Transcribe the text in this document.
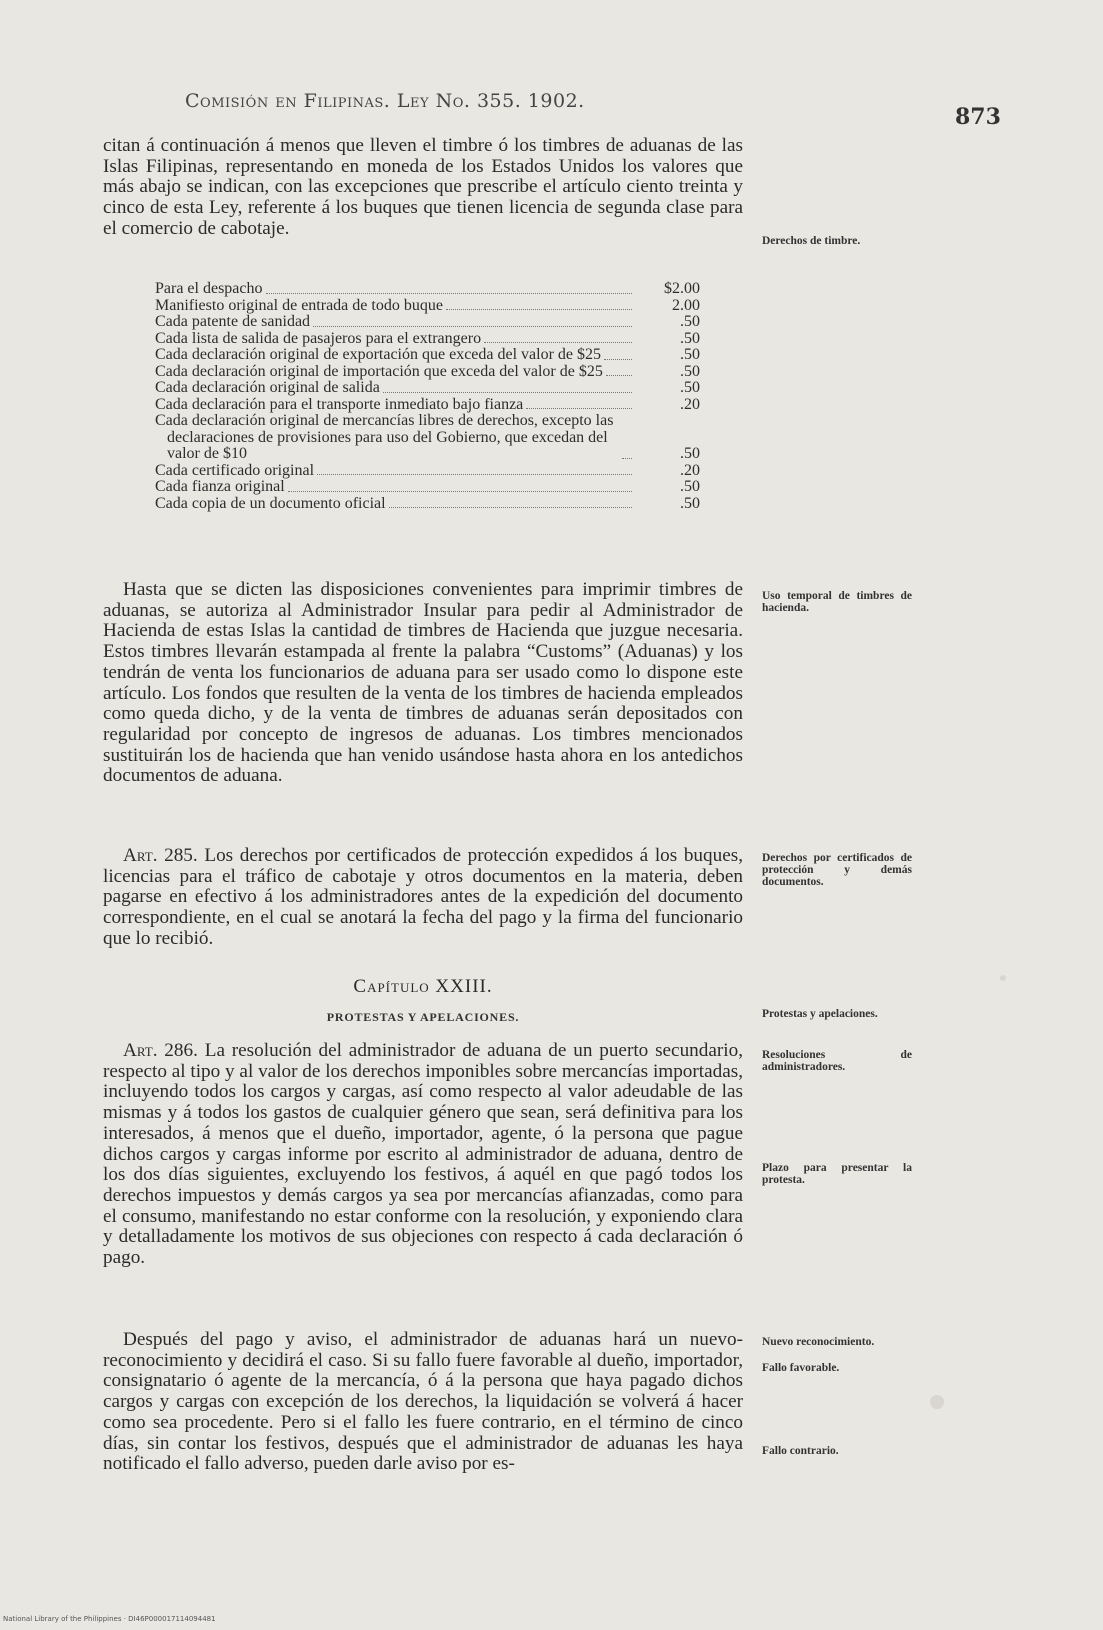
Comisión en Filipinas. Ley No. 355. 1902.
873

citan á continuación á menos que lleven el timbre ó los timbres de aduanas de las Islas Filipinas, representando en moneda de los Estados Unidos los valores que más abajo se indican, con las excepciones que prescribe el artículo ciento treinta y cinco de esta Ley, referente á los buques que tienen licencia de segunda clase para el comercio de cabotaje.

Derechos de timbre.
Para el despacho	$2.00
Manifiesto original de entrada de todo buque	2.00
Cada patente de sanidad	.50
Cada lista de salida de pasajeros para el extrangero	.50
Cada declaración original de exportación que exceda del valor de $25	.50
Cada declaración original de importación que exceda del valor de $25	.50
Cada declaración original de salida	.50
Cada declaración para el transporte inmediato bajo fianza	.20
Cada declaración original de mercancías libres de derechos, excepto las declaraciones de provisiones para uso del Gobierno, que excedan del valor de $10	.50
Cada certificado original	.20
Cada fianza original	.50
Cada copia de un documento oficial	.50

Hasta que se dicten las disposiciones convenientes para imprimir timbres de aduanas, se autoriza al Administrador Insular para pedir al Administrador de Hacienda de estas Islas la cantidad de timbres de Hacienda que juzgue necesaria. Estos timbres llevarán estampada al frente la palabra “Customs” (Aduanas) y los tendrán de venta los funcionarios de aduana para ser usado como lo dispone este artículo. Los fondos que resulten de la venta de los timbres de hacienda empleados como queda dicho, y de la venta de timbres de aduanas serán depositados con regularidad por concepto de ingresos de aduanas. Los timbres mencionados sustituirán los de hacienda que han venido usándose hasta ahora en los antedichos documentos de aduana.

Uso temporal de timbres de hacienda.

Art. 285. Los derechos por certificados de protección expedidos á los buques, licencias para el tráfico de cabotaje y otros documentos en la materia, deben pagarse en efectivo á los administradores antes de la expedición del documento correspondiente, en el cual se anotará la fecha del pago y la firma del funcionario que lo recibió.

Derechos por certificados de protección y demás documentos.
Capítulo XXIII.
PROTESTAS Y APELACIONES.	Protestas y apelaciones.

Art. 286. La resolución del administrador de aduana de un puerto secundario, respecto al tipo y al valor de los derechos imponibles sobre mercancías importadas, incluyendo todos los cargos y cargas, así como respecto al valor adeudable de las mismas y á todos los gastos de cualquier género que sean, será definitiva para los interesados, á menos que el dueño, importador, agente, ó la persona que pague dichos cargos y cargas informe por escrito al administrador de aduana, dentro de los dos días siguientes, excluyendo los festivos, á aquél en que pagó todos los derechos impuestos y demás cargos ya sea por mercancías afianzadas, como para el consumo, manifestando no estar conforme con la resolución, y exponiendo clara y detalladamente los motivos de sus objeciones con respecto á cada declaración ó pago.

Resoluciones de administradores.
Plazo para presentar la protesta.

Después del pago y aviso, el administrador de aduanas hará un nuevo-reconocimiento y decidirá el caso. Si su fallo fuere favorable al dueño, importador, consignatario ó agente de la mercancía, ó á la persona que haya pagado dichos cargos y cargas con excepción de los derechos, la liquidación se volverá á hacer como sea procedente. Pero si el fallo les fuere contrario, en el término de cinco días, sin contar los festivos, después que el administrador de aduanas les haya notificado el fallo adverso, pueden darle aviso por es-

Nuevo reconocimiento.
Fallo favorable.
Fallo contrario.
National Library of the Philippines · DI46P000017114094481
